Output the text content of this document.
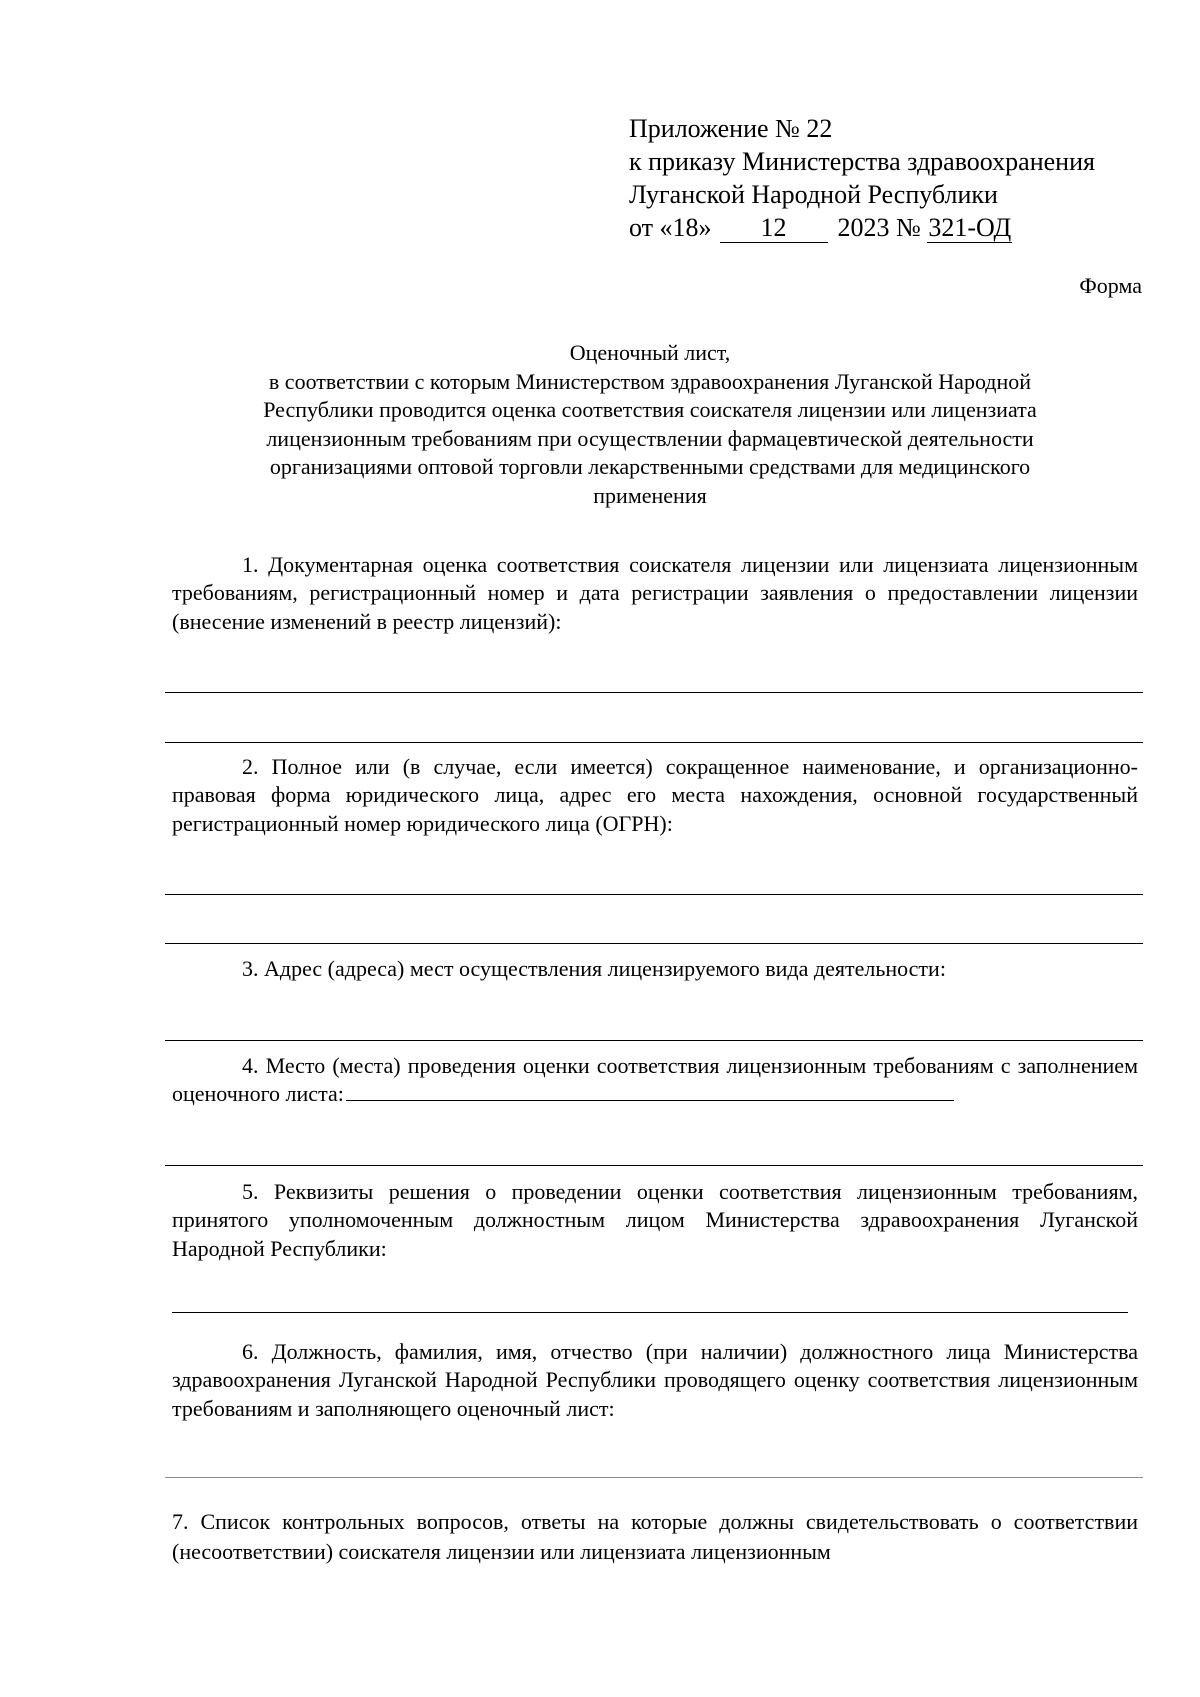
Приложение № 22
к приказу Министерства здравоохранения
Луганской Народной Республики
от «18» 12 2023 № 321-ОД
Форма
Оценочный лист,
в соответствии с которым Министерством здравоохранения Луганской Народной
Республики проводится оценка соответствия соискателя лицензии или лицензиата
лицензионным требованиям при осуществлении фармацевтической деятельности
организациями оптовой торговли лекарственными средствами для медицинского
применения
1. Документарная оценка соответствия соискателя лицензии или лицензиата лицензионным требованиям, регистрационный номер и дата регистрации заявления о предоставлении лицензии (внесение изменений в реестр лицензий):
2. Полное или (в случае, если имеется) сокращенное наименование, и организационно-правовая форма юридического лица, адрес его места нахождения, основной государственный регистрационный номер юридического лица (ОГРН):
3. Адрес (адреса) мест осуществления лицензируемого вида деятельности:
4. Место (места) проведения оценки соответствия лицензионным требованиям с заполнением оценочного листа:
5. Реквизиты решения о проведении оценки соответствия лицензионным требованиям, принятого уполномоченным должностным лицом Министерства здравоохранения Луганской Народной Республики:
6. Должность, фамилия, имя, отчество (при наличии) должностного лица Министерства здравоохранения Луганской Народной Республики проводящего оценку соответствия лицензионным требованиям и заполняющего оценочный лист:
7. Список контрольных вопросов, ответы на которые должны свидетельствовать о соответствии (несоответствии) соискателя лицензии или лицензиата лицензионным
